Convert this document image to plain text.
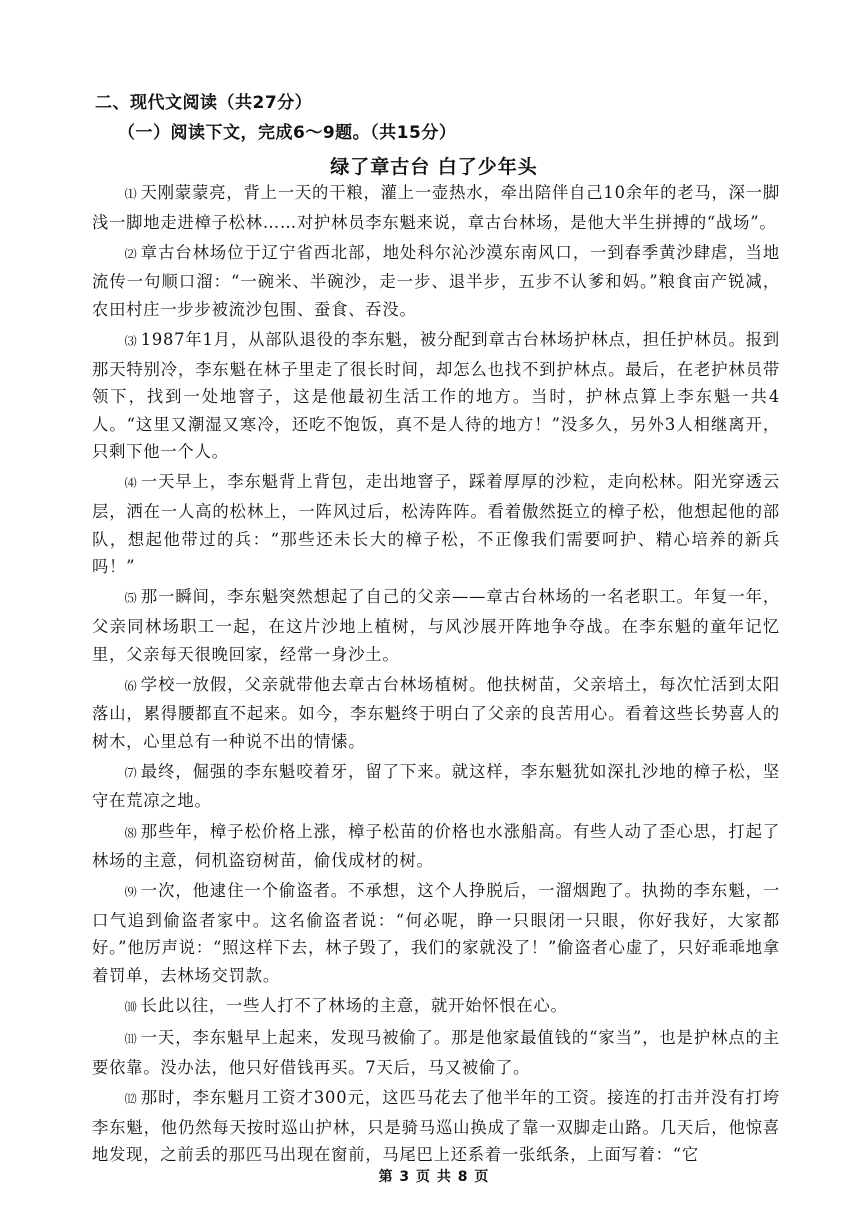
二、现代文阅读（共27分）
（一）阅读下文，完成6～9题。（共15分）
绿了章古台 白了少年头

⑴ 天刚蒙蒙亮，背上一天的干粮，灌上一壶热水，牵出陪伴自己10余年的老马，深一脚浅一脚地走进樟子松林……对护林员李东魁来说，章古台林场，是他大半生拼搏的“战场”。

⑵ 章古台林场位于辽宁省西北部，地处科尔沁沙漠东南风口，一到春季黄沙肆虐，当地流传一句顺口溜：“一碗米、半碗沙，走一步、退半步，五步不认爹和妈。”粮食亩产锐减，农田村庄一步步被流沙包围、蚕食、吞没。

⑶ 1987年1月，从部队退役的李东魁，被分配到章古台林场护林点，担任护林员。报到那天特别冷，李东魁在林子里走了很长时间，却怎么也找不到护林点。最后，在老护林员带领下，找到一处地窨子，这是他最初生活工作的地方。当时，护林点算上李东魁一共4人。“这里又潮湿又寒冷，还吃不饱饭，真不是人待的地方！”没多久，另外3人相继离开，只剩下他一个人。

⑷ 一天早上，李东魁背上背包，走出地窨子，踩着厚厚的沙粒，走向松林。阳光穿透云层，洒在一人高的松林上，一阵风过后，松涛阵阵。看着傲然挺立的樟子松，他想起他的部队，想起他带过的兵：“那些还未长大的樟子松，不正像我们需要呵护、精心培养的新兵吗！”

⑸ 那一瞬间，李东魁突然想起了自己的父亲——章古台林场的一名老职工。年复一年，父亲同林场职工一起，在这片沙地上植树，与风沙展开阵地争夺战。在李东魁的童年记忆里，父亲每天很晚回家，经常一身沙土。

⑹ 学校一放假，父亲就带他去章古台林场植树。他扶树苗，父亲培土，每次忙活到太阳落山，累得腰都直不起来。如今，李东魁终于明白了父亲的良苦用心。看着这些长势喜人的树木，心里总有一种说不出的情愫。

⑺ 最终，倔强的李东魁咬着牙，留了下来。就这样，李东魁犹如深扎沙地的樟子松，坚守在荒凉之地。

⑻ 那些年，樟子松价格上涨，樟子松苗的价格也水涨船高。有些人动了歪心思，打起了林场的主意，伺机盗窃树苗，偷伐成材的树。

⑼ 一次，他逮住一个偷盗者。不承想，这个人挣脱后，一溜烟跑了。执拗的李东魁，一口气追到偷盗者家中。这名偷盗者说：“何必呢，睁一只眼闭一只眼，你好我好，大家都好。”他厉声说：“照这样下去，林子毁了，我们的家就没了！”偷盗者心虚了，只好乖乖地拿着罚单，去林场交罚款。

⑽ 长此以往，一些人打不了林场的主意，就开始怀恨在心。

⑾ 一天，李东魁早上起来，发现马被偷了。那是他家最值钱的“家当”，也是护林点的主要依靠。没办法，他只好借钱再买。7天后，马又被偷了。

⑿ 那时，李东魁月工资才300元，这匹马花去了他半年的工资。接连的打击并没有打垮李东魁，他仍然每天按时巡山护林，只是骑马巡山换成了靠一双脚走山路。几天后，他惊喜地发现，之前丢的那匹马出现在窗前，马尾巴上还系着一张纸条，上面写着：“它

第 3 页 共 8 页
